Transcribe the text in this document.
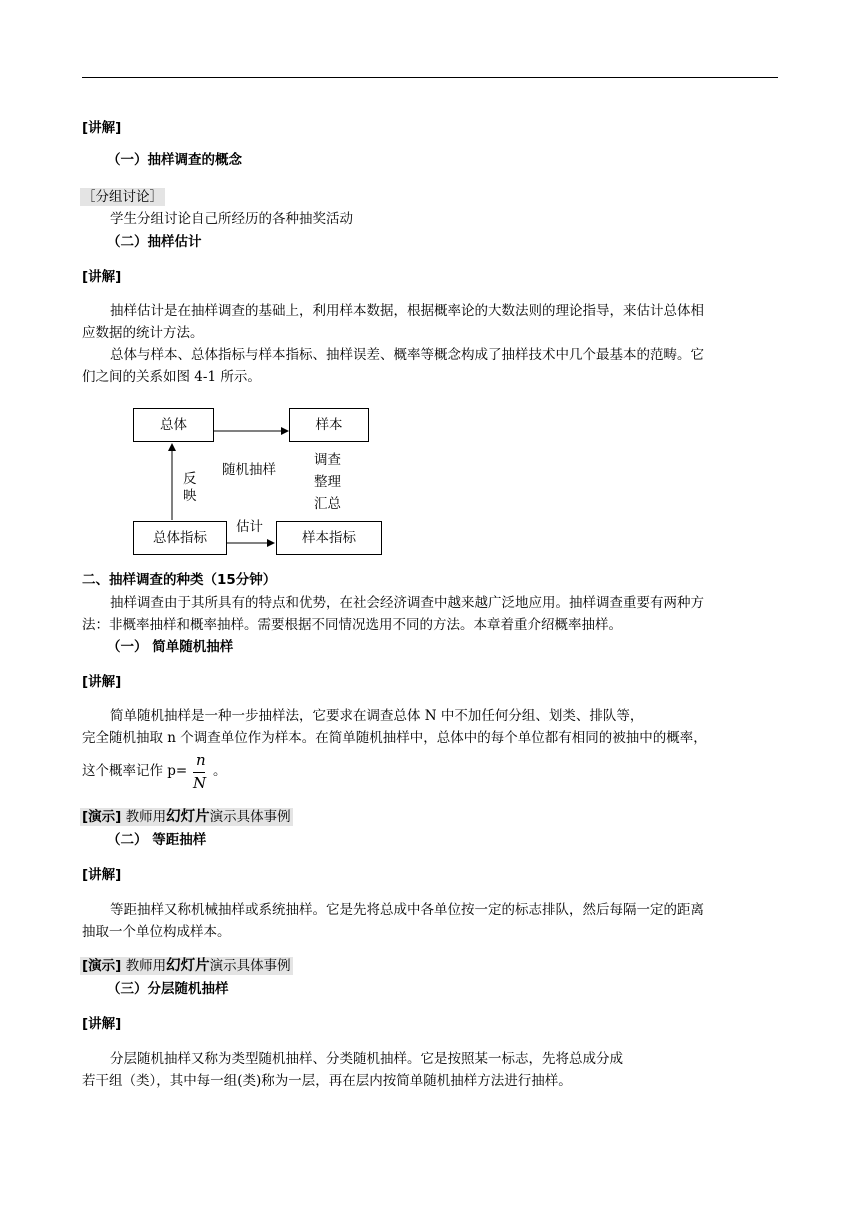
[讲解]
（一）抽样调查的概念
［分组讨论］
学生分组讨论自己所经历的各种抽奖活动
（二）抽样估计
[讲解]
抽样估计是在抽样调查的基础上，利用样本数据，根据概率论的大数法则的理论指导，来估计总体相
应数据的统计方法。
总体与样本、总体指标与样本指标、抽样误差、概率等概念构成了抽样技术中几个最基本的范畴。它
们之间的关系如图 4-1 所示。
总体	样本
总体指标	样本指标
随机抽样
反
映
调查
整理
汇总
估计
二、抽样调查的种类（15分钟）
抽样调查由于其所具有的特点和优势，在社会经济调查中越来越广泛地应用。抽样调查重要有两种方
法：非概率抽样和概率抽样。需要根据不同情况选用不同的方法。本章着重介绍概率抽样。
（一） 简单随机抽样
[讲解]
简单随机抽样是一种一步抽样法，它要求在调查总体 N 中不加任何分组、划类、排队等，
完全随机抽取 n 个调查单位作为样本。在简单随机抽样中，总体中的每个单位都有相同的被抽中的概率，
这个概率记作 p=
n
N
。
[演示] 教师用幻灯片演示具体事例
（二） 等距抽样
[讲解]
等距抽样又称机械抽样或系统抽样。它是先将总成中各单位按一定的标志排队，然后每隔一定的距离
抽取一个单位构成样本。
[演示] 教师用幻灯片演示具体事例
（三）分层随机抽样
[讲解]
分层随机抽样又称为类型随机抽样、分类随机抽样。它是按照某一标志，先将总成分成
若干组（类），其中每一组(类)称为一层，再在层内按简单随机抽样方法进行抽样。
